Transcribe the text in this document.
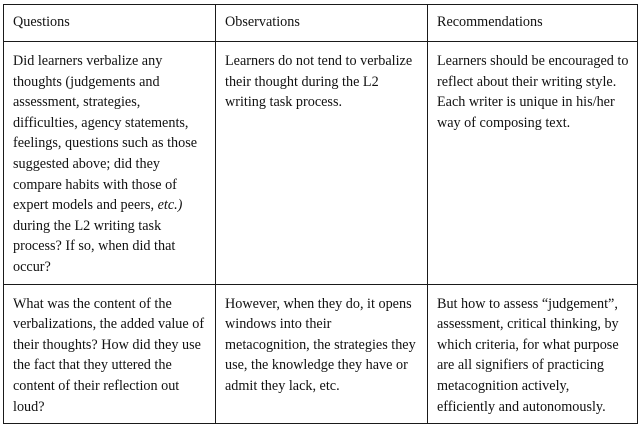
Questions	Observations	Recommendations
Did learners verbalize any thoughts (judgements and assessment, strategies, difficulties, agency statements, feelings, questions such as those suggested above; did they compare habits with those of expert models and peers, etc.) during the L2 writing task process? If so, when did that occur?	Learners do not tend to verbalize their thought during the L2 writing task process.	Learners should be encouraged to reflect about their writing style. Each writer is unique in his/her way of composing text.
What was the content of the verbalizations, the added value of their thoughts? How did they use the fact that they uttered the content of their reflection out loud?	However, when they do, it opens windows into their metacognition, the strategies they use, the knowledge they have or admit they lack, etc.	But how to assess “judgement”, assessment, critical thinking, by which criteria, for what purpose are all signifiers of practicing metacognition actively, efficiently and autonomously.
